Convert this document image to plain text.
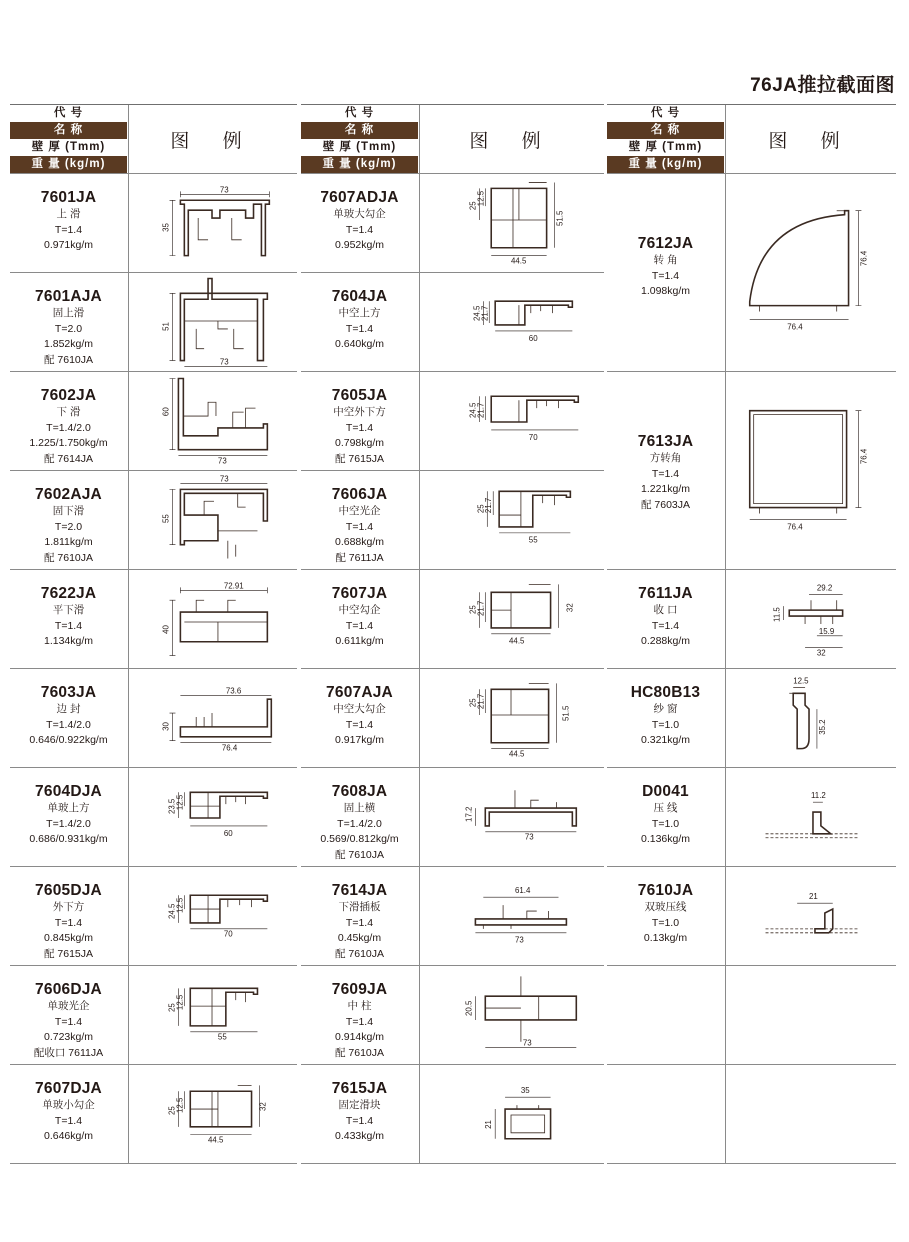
76JA推拉截面图
代 号
名 称
壁 厚 (Tmm)
重 量 (kg/m)
图 例
7601JA
上 滑
T=1.4
0.971kg/m
73
35
7601AJA
固上滑
T=2.0
1.852kg/m
配 7610JA
51
73
7602JA
下 滑
T=1.4/2.0
1.225/1.750kg/m
配 7614JA
60
73
7602AJA
固下滑
T=2.0
1.811kg/m
配 7610JA
73
55
7622JA
平下滑
T=1.4
1.134kg/m
72.91
40
7603JA
边 封
T=1.4/2.0
0.646/0.922kg/m
73.6
30
76.4
7604DJA
单玻上方
T=1.4/2.0
0.686/0.931kg/m
23.5
12.5
60
7605DJA
外下方
T=1.4
0.845kg/m
配 7615JA
24.5
12.5
70
7606DJA
单玻光企
T=1.4
0.723kg/m
配收口 7611JA
25
12.5
55
7607DJA
单玻小勾企
T=1.4
0.646kg/m
25
12.5	32
44.5
代 号
名 称
壁 厚 (Tmm)
重 量 (kg/m)
图 例
7607ADJA
单玻大勾企
T=1.4
0.952kg/m
25
12.5
51.5
44.5
7604JA
中空上方
T=1.4
0.640kg/m
24.5
21.7
60
7605JA
中空外下方
T=1.4
0.798kg/m
配 7615JA
24.5
21.7
70
7606JA
中空光企
T=1.4
0.688kg/m
配 7611JA
25
21.7
55
7607JA
中空勾企
T=1.4
0.611kg/m
25
21.7	32
44.5
7607AJA
中空大勾企
T=1.4
0.917kg/m
25
21.7
51.5
44.5
7608JA
固上横
T=1.4/2.0
0.569/0.812kg/m
配 7610JA
17.2
73
7614JA
下滑插板
T=1.4
0.45kg/m
配 7610JA
61.4
73
7609JA
中 柱
T=1.4
0.914kg/m
配 7610JA
20.5
73
7615JA
固定滑块
T=1.4
0.433kg/m
35
21
代 号
名 称
壁 厚 (Tmm)
重 量 (kg/m)
图 例
7612JA
转 角
T=1.4
1.098kg/m
76.4
76.4
7613JA
方转角
T=1.4
1.221kg/m
配 7603JA
76.4
76.4
7611JA
收 口
T=1.4
0.288kg/m
29.2
11.5
15.9
32
HC80B13
纱 窗
T=1.0
0.321kg/m
12.5
35.2
D0041
压 线
T=1.0
0.136kg/m
11.2
7610JA
双玻压线
T=1.0
0.13kg/m
21
